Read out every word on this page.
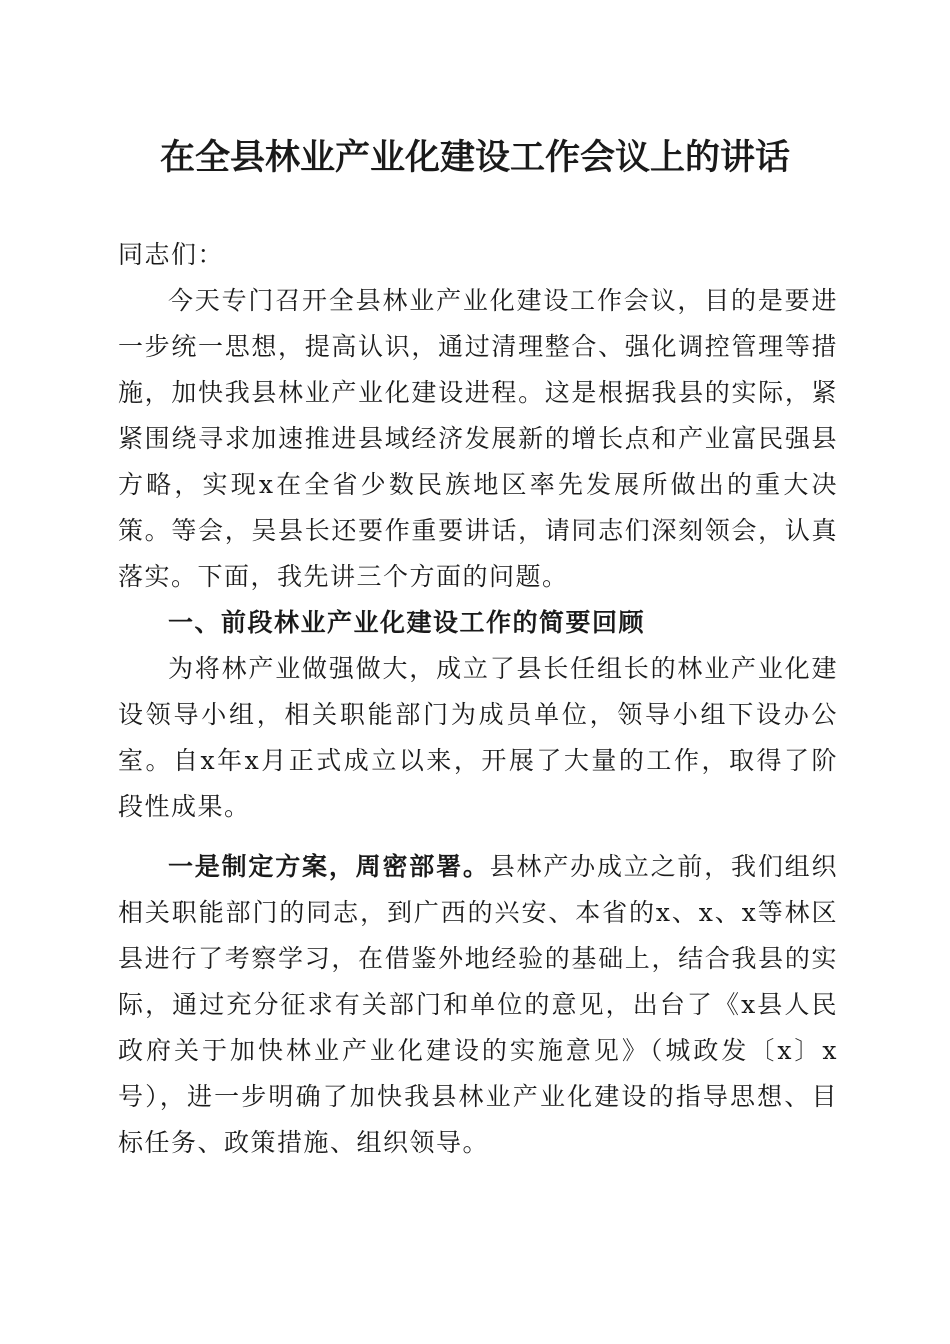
在全县林业产业化建设工作会议上的讲话

同志们：

今天专门召开全县林业产业化建设工作会议，目的是要进一步统一思想，提高认识，通过清理整合、强化调控管理等措施，加快我县林业产业化建设进程。这是根据我县的实际，紧紧围绕寻求加速推进县域经济发展新的增长点和产业富民强县方略，实现x在全省少数民族地区率先发展所做出的重大决策。等会，吴县长还要作重要讲话，请同志们深刻领会，认真落实。下面，我先讲三个方面的问题。

一、前段林业产业化建设工作的简要回顾

为将林产业做强做大，成立了县长任组长的林业产业化建设领导小组，相关职能部门为成员单位，领导小组下设办公室。自x年x月正式成立以来，开展了大量的工作，取得了阶段性成果。

一是制定方案，周密部署。县林产办成立之前，我们组织相关职能部门的同志，到广西的兴安、本省的x、x、x等林区县进行了考察学习，在借鉴外地经验的基础上，结合我县的实际，通过充分征求有关部门和单位的意见，出台了《x县人民政府关于加快林业产业化建设的实施意见》（城政发〔x〕x号），进一步明确了加快我县林业产业化建设的指导思想、目标任务、政策措施、组织领导。
